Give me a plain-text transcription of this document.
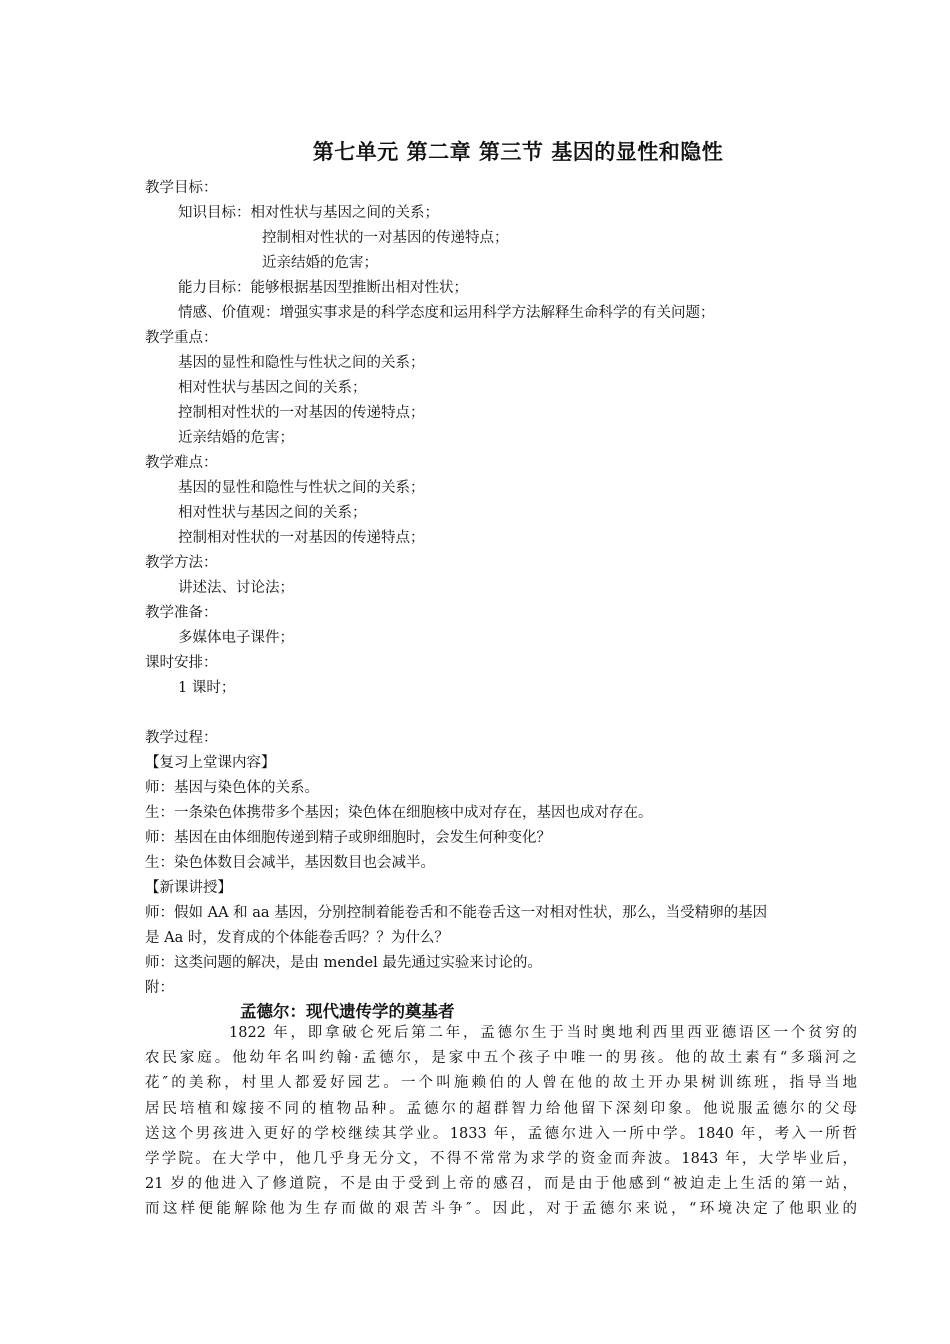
第七单元 第二章 第三节 基因的显性和隐性
教学目标：
知识目标：相对性状与基因之间的关系；
控制相对性状的一对基因的传递特点；
近亲结婚的危害；
能力目标：能够根据基因型推断出相对性状；
情感、价值观：增强实事求是的科学态度和运用科学方法解释生命科学的有关问题；
教学重点：
基因的显性和隐性与性状之间的关系；
相对性状与基因之间的关系；
控制相对性状的一对基因的传递特点；
近亲结婚的危害；
教学难点：
基因的显性和隐性与性状之间的关系；
相对性状与基因之间的关系；
控制相对性状的一对基因的传递特点；
教学方法：
讲述法、讨论法；
教学准备：
多媒体电子课件；
课时安排：
1 课时；
教学过程：
【复习上堂课内容】
师：基因与染色体的关系。
生：一条染色体携带多个基因；染色体在细胞核中成对存在，基因也成对存在。
师：基因在由体细胞传递到精子或卵细胞时，会发生何种变化？
生：染色体数目会减半，基因数目也会减半。
【新课讲授】
师：假如 AA 和 aa 基因，分别控制着能卷舌和不能卷舌这一对相对性状，那么，当受精卵的基因
是 Aa 时，发育成的个体能卷舌吗？？为什么？
师：这类问题的解决，是由 mendel 最先通过实验来讨论的。
附：
孟德尔：现代遗传学的奠基者
1822 年，即拿破仑死后第二年，孟德尔生于当时奥地利西里西亚德语区一个贫穷的
农民家庭。他幼年名叫约翰·孟德尔，是家中五个孩子中唯一的男孩。他的故土素有“多瑙河之
花″的美称，村里人都爱好园艺。一个叫施赖伯的人曾在他的故土开办果树训练班，指导当地
居民培植和嫁接不同的植物品种。孟德尔的超群智力给他留下深刻印象。他说服孟德尔的父母
送这个男孩进入更好的学校继续其学业。1833 年，孟德尔进入一所中学。1840 年，考入一所哲
学学院。在大学中，他几乎身无分文，不得不常常为求学的资金而奔波。1843 年，大学毕业后，
21 岁的他进入了修道院，不是由于受到上帝的感召，而是由于他感到“被迫走上生活的第一站，
而这样便能解除他为生存而做的艰苦斗争″。因此，对于孟德尔来说，“环境决定了他职业的
